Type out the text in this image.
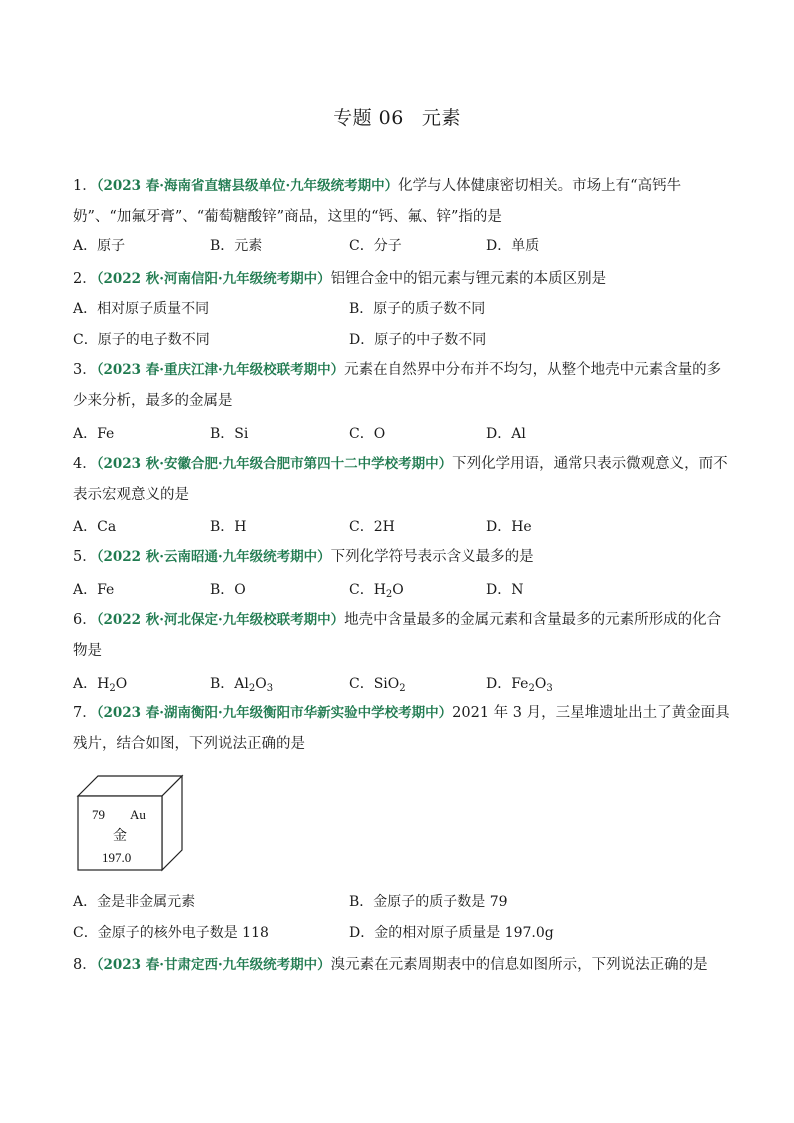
专题 06 元素
1．（2023 春·海南省直辖县级单位·九年级统考期中）化学与人体健康密切相关。市场上有“高钙牛奶”、“加氟牙膏”、“葡萄糖酸锌”商品，这里的“钙、氟、锌”指的是
A．原子	B．元素	C．分子	D．单质
2．（2022 秋·河南信阳·九年级统考期中）铝锂合金中的铝元素与锂元素的本质区别是
A．相对原子质量不同	B．原子的质子数不同
C．原子的电子数不同	D．原子的中子数不同
3．（2023 春·重庆江津·九年级校联考期中）元素在自然界中分布并不均匀，从整个地壳中元素含量的多少来分析，最多的金属是
A．Fe	B．Si	C．O	D．Al
4．（2023 秋·安徽合肥·九年级合肥市第四十二中学校考期中）下列化学用语，通常只表示微观意义，而不表示宏观意义的是
A．Ca	B．H	C．2H	D．He
5．（2022 秋·云南昭通·九年级统考期中）下列化学符号表示含义最多的是
A．Fe	B．O	C．$H_2O$	D．N
6．（2022 秋·河北保定·九年级校联考期中）地壳中含量最多的金属元素和含量最多的元素所形成的化合物是
A．$H_2O$	B．$Al_2O_3$	C．SiO$_2$	D．$Fe_2O_3$
7．（2023 春·湖南衡阳·九年级衡阳市华新实验中学校考期中）2021 年 3 月，三星堆遗址出土了黄金面具残片，结合如图，下列说法正确的是
79 Au
金
197.0
A．金是非金属元素	B．金原子的质子数是 79
C．金原子的核外电子数是 118	D．金的相对原子质量是 197.0g
8．（2023 春·甘肃定西·九年级统考期中）溴元素在元素周期表中的信息如图所示，下列说法正确的是
